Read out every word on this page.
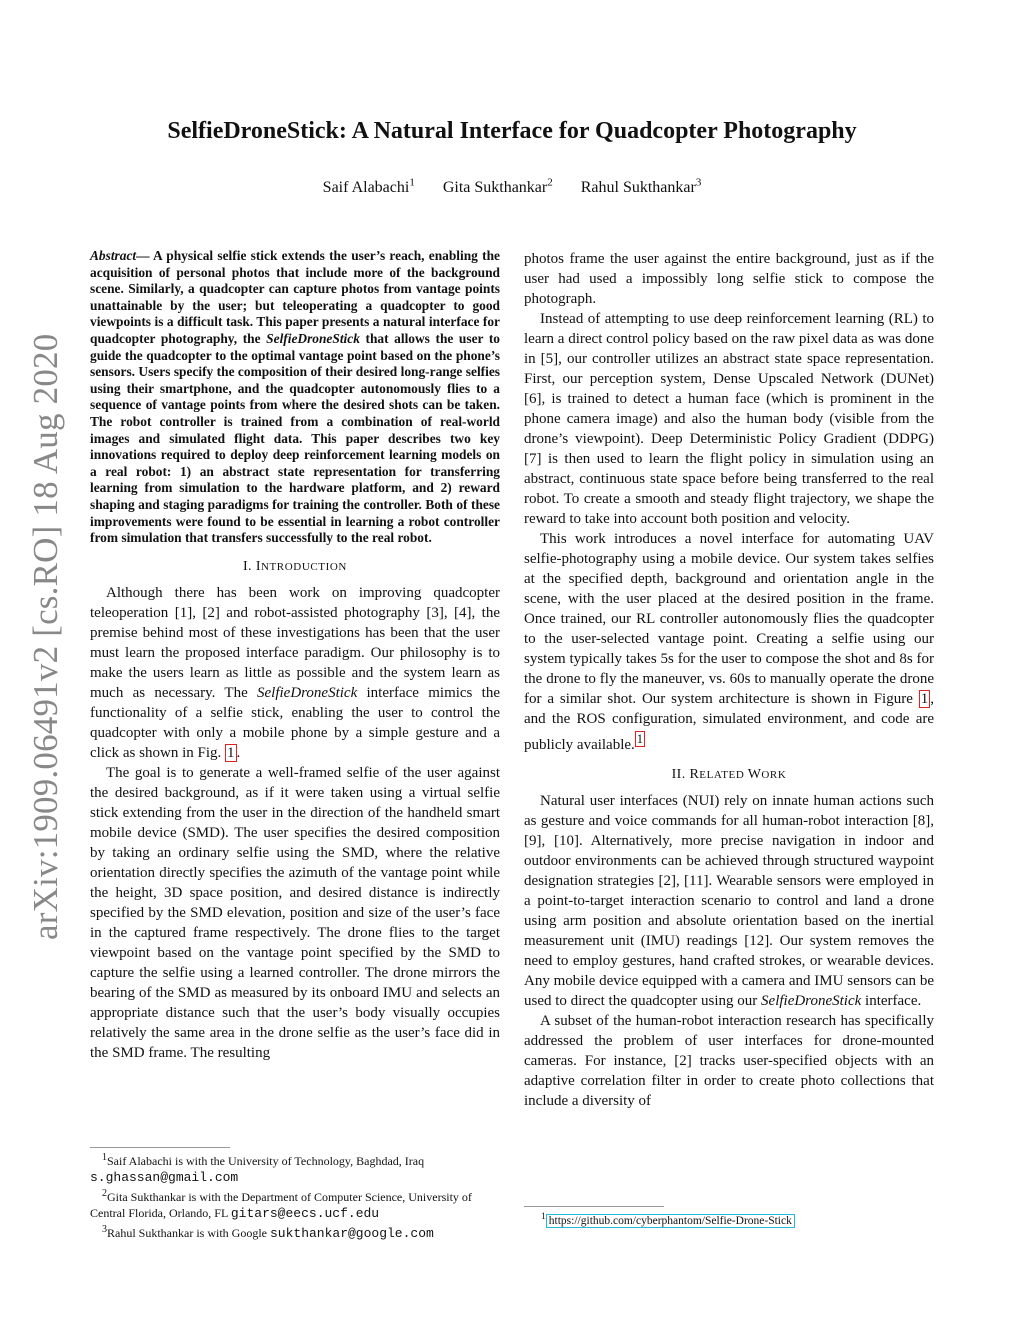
arXiv:1909.06491v2 [cs.RO] 18 Aug 2020
SelfieDroneStick: A Natural Interface for Quadcopter Photography
Saif Alabachi$^1$ Gita Sukthankar$^2$ Rahul Sukthankar$^3$

Abstract— A physical selfie stick extends the user’s reach, enabling the acquisition of personal photos that include more of the background scene. Similarly, a quadcopter can capture photos from vantage points unattainable by the user; but teleoperating a quadcopter to good viewpoints is a difficult task. This paper presents a natural interface for quadcopter photography, the SelfieDroneStick that allows the user to guide the quadcopter to the optimal vantage point based on the phone’s sensors. Users specify the composition of their desired long-range selfies using their smartphone, and the quadcopter autonomously flies to a sequence of vantage points from where the desired shots can be taken. The robot controller is trained from a combination of real-world images and simulated flight data. This paper describes two key innovations required to deploy deep reinforcement learning models on a real robot: 1) an abstract state representation for transferring learning from simulation to the hardware platform, and 2) reward shaping and staging paradigms for training the controller. Both of these improvements were found to be essential in learning a robot controller from simulation that transfers successfully to the real robot.

I. INTRODUCTION

Although there has been work on improving quadcopter teleoperation [1], [2] and robot-assisted photography [3], [4], the premise behind most of these investigations has been that the user must learn the proposed interface paradigm. Our philosophy is to make the users learn as little as possible and the system learn as much as necessary. The SelfieDroneStick interface mimics the functionality of a selfie stick, enabling the user to control the quadcopter with only a mobile phone by a simple gesture and a click as shown in Fig. 1 .

The goal is to generate a well-framed selfie of the user against the desired background, as if it were taken using a virtual selfie stick extending from the user in the direction of the handheld smart mobile device (SMD). The user specifies the desired composition by taking an ordinary selfie using the SMD, where the relative orientation directly specifies the azimuth of the vantage point while the height, 3D space position, and desired distance is indirectly specified by the SMD elevation, position and size of the user’s face in the captured frame respectively. The drone flies to the target viewpoint based on the vantage point specified by the SMD to capture the selfie using a learned controller. The drone mirrors the bearing of the SMD as measured by its onboard IMU and selects an appropriate distance such that the user’s body visually occupies relatively the same area in the drone selfie as the user’s face did in the SMD frame. The resulting

$^1$Saif Alabachi is with the University of Technology, Baghdad, Iraq s.ghassan@gmail.com

$^2$Gita Sukthankar is with the Department of Computer Science, University of Central Florida, Orlando, FL gitars@eecs.ucf.edu

$^3$Rahul Sukthankar is with Google sukthankar@google.com

photos frame the user against the entire background, just as if the user had used a impossibly long selfie stick to compose the photograph.

Instead of attempting to use deep reinforcement learning (RL) to learn a direct control policy based on the raw pixel data as was done in [5], our controller utilizes an abstract state space representation. First, our perception system, Dense Upscaled Network (DUNet) [6], is trained to detect a human face (which is prominent in the phone camera image) and also the human body (visible from the drone’s viewpoint). Deep Deterministic Policy Gradient (DDPG) [7] is then used to learn the flight policy in simulation using an abstract, continuous state space before being transferred to the real robot. To create a smooth and steady flight trajectory, we shape the reward to take into account both position and velocity.

This work introduces a novel interface for automating UAV selfie-photography using a mobile device. Our system takes selfies at the specified depth, background and orientation angle in the scene, with the user placed at the desired position in the frame. Once trained, our RL controller autonomously flies the quadcopter to the user-selected vantage point. Creating a selfie using our system typically takes 5s for the user to compose the shot and 8s for the drone to fly the maneuver, vs. 60s to manually operate the drone for a similar shot. Our system architecture is shown in Figure 1 , and the ROS configuration, simulated environment, and code are publicly available. $^1$

II. RELATED WORK

Natural user interfaces (NUI) rely on innate human actions such as gesture and voice commands for all human-robot interaction [8], [9], [10]. Alternatively, more precise navigation in indoor and outdoor environments can be achieved through structured waypoint designation strategies [2], [11]. Wearable sensors were employed in a point-to-target interaction scenario to control and land a drone using arm position and absolute orientation based on the inertial measurement unit (IMU) readings [12]. Our system removes the need to employ gestures, hand crafted strokes, or wearable devices. Any mobile device equipped with a camera and IMU sensors can be used to direct the quadcopter using our SelfieDroneStick interface.

A subset of the human-robot interaction research has specifically addressed the problem of user interfaces for drone-mounted cameras. For instance, [2] tracks user-specified objects with an adaptive correlation filter in order to create photo collections that include a diversity of

$^1$ https://github.com/cyberphantom/Selfie-Drone-Stick
